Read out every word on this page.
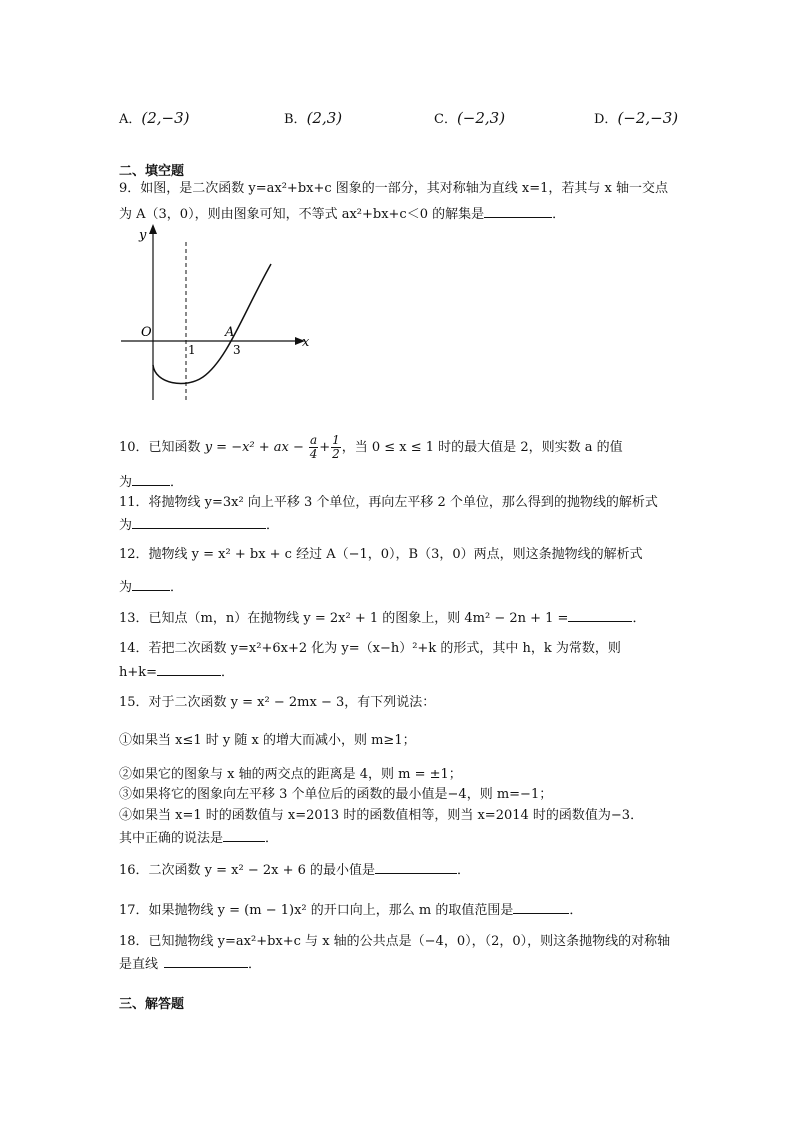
A．(2,−3)	B．(2,3)	C．(−2,3)	D．(−2,−3)
二、填空题
9．如图，是二次函数 y=ax²+bx+c 图象的一部分，其对称轴为直线 x=1，若其与 x 轴一交点
为 A（3，0），则由图象可知，不等式 ax²+bx+c＜0 的解集是	．
y
x
O	A
1	3
10．已知函数 y = −x² + ax − $\frac{a}{4} + \frac{1}{2}$ ，当 0 ≤ x ≤ 1 时的最大值是 2，则实数 a 的值
为	．
11．将抛物线 y=3x² 向上平移 3 个单位，再向左平移 2 个单位，那么得到的抛物线的解析式
为	．
12．抛物线 y = x² + bx + c 经过 A（−1，0），B（3，0）两点，则这条抛物线的解析式
为	．
13．已知点（m，n）在抛物线 y = 2x² + 1 的图象上，则 4m² − 2n + 1 =	．
14．若把二次函数 y=x²+6x+2 化为 y=（x−h）²+k 的形式，其中 h，k 为常数，则
h+k=	．
15．对于二次函数 y = x² − 2mx − 3，有下列说法：
①如果当 x≤1 时 y 随 x 的增大而减小，则 m≥1；
②如果它的图象与 x 轴的两交点的距离是 4，则 m = ±1；
③如果将它的图象向左平移 3 个单位后的函数的最小值是−4，则 m=−1；
④如果当 x=1 时的函数值与 x=2013 时的函数值相等，则当 x=2014 时的函数值为−3．
其中正确的说法是	．
16．二次函数 y = x² − 2x + 6 的最小值是	．
17．如果抛物线 y = (m − 1)x² 的开口向上，那么 m 的取值范围是	．
18．已知抛物线 y=ax²+bx+c 与 x 轴的公共点是（−4，0），（2，0），则这条抛物线的对称轴
是直线	．
三、解答题
